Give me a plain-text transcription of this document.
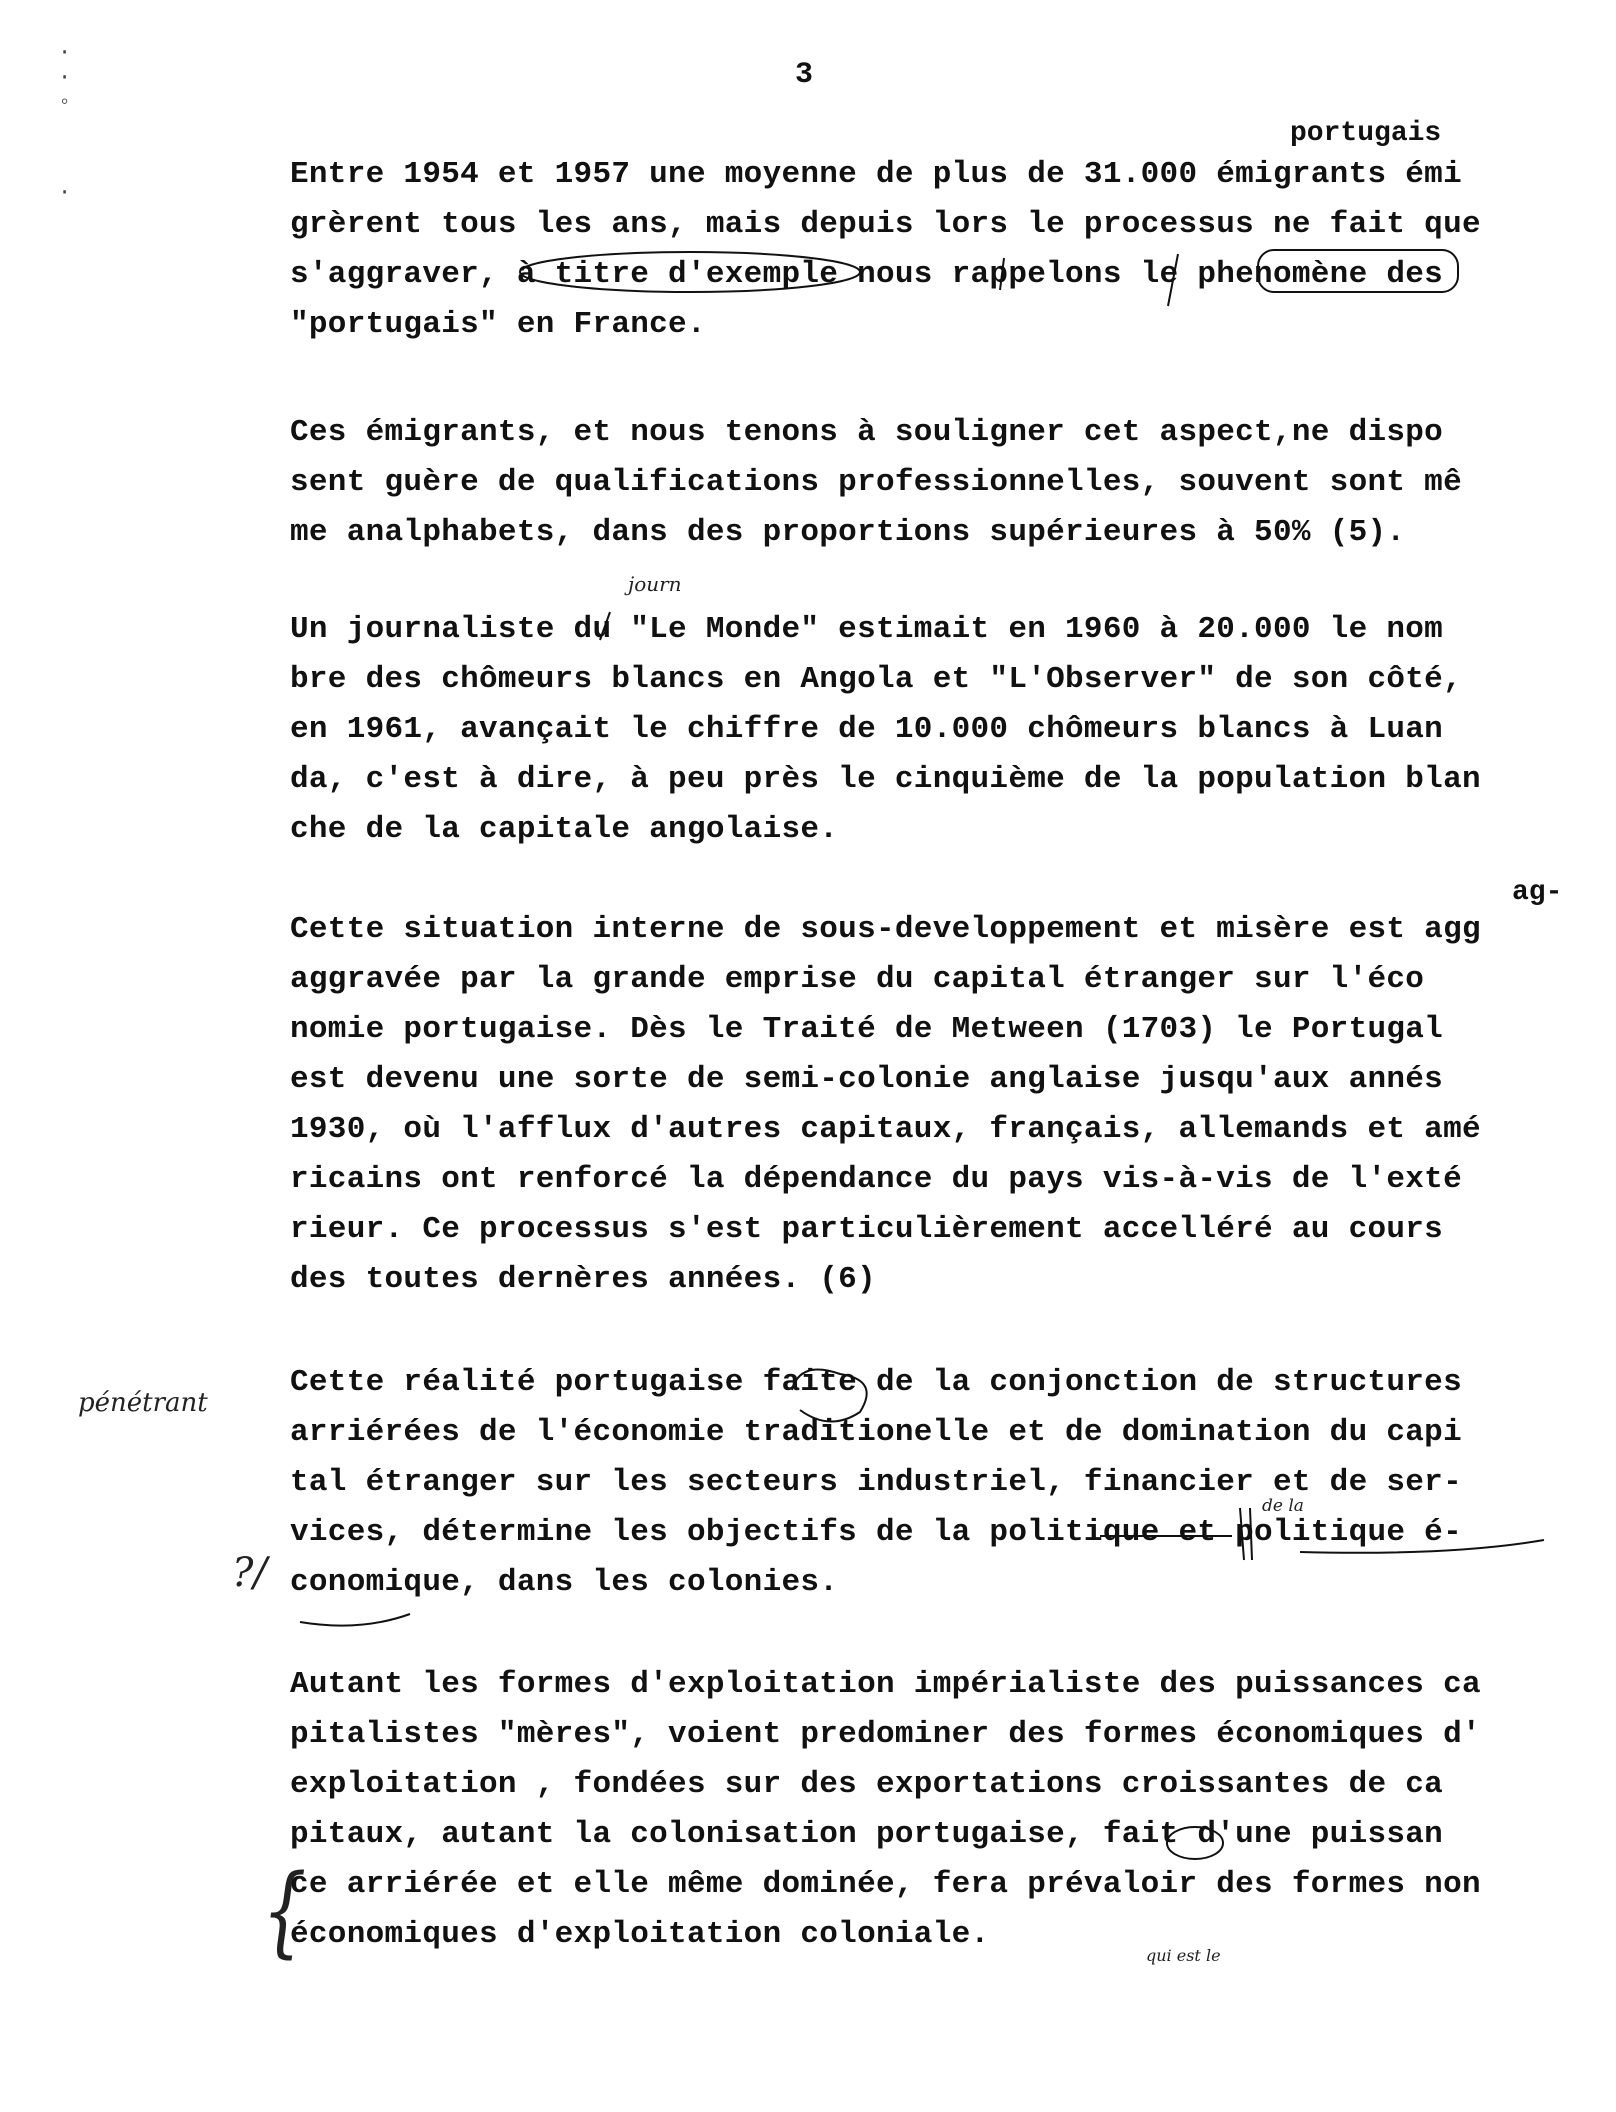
·
·
◦
·
3
portugais
journ
ag-
qui est le
de la
pénétrant
?/
{
Entre 1954 et 1957 une moyenne de plus de 31.000 émigrants émi
grèrent tous les ans, mais depuis lors le processus ne fait que
s'aggraver, à titre d'exemple nous rappelons le phenomène des
"portugais" en France.
Ces émigrants, et nous tenons à souligner cet aspect,ne dispo
sent guère de qualifications professionnelles, souvent sont mê
me analphabets, dans des proportions supérieures à 50% (5).
Un journaliste du "Le Monde" estimait en 1960 à 20.000 le nom
bre des chômeurs blancs en Angola et "L'Observer" de son côté,
en 1961, avançait le chiffre de 10.000 chômeurs blancs à Luan
da, c'est à dire, à peu près le cinquième de la population blan
che de la capitale angolaise.
Cette situation interne de sous-developpement et misère est agg
aggravée par la grande emprise du capital étranger sur l'éco
nomie portugaise. Dès le Traité de Metween (1703) le Portugal
est devenu une sorte de semi-colonie anglaise jusqu'aux annés
1930, où l'afflux d'autres capitaux, français, allemands et amé
ricains ont renforcé la dépendance du pays vis-à-vis de l'exté
rieur. Ce processus s'est particulièrement accelléré au cours
des toutes dernères années. (6)
Cette réalité portugaise faite de la conjonction de structures
arriérées de l'économie traditionelle et de domination du capi
tal étranger sur les secteurs industriel, financier et de ser-
vices, détermine les objectifs de la politique et politique é-
conomique, dans les colonies.
Autant les formes d'exploitation impérialiste des puissances ca
pitalistes "mères", voient predominer des formes économiques d'
exploitation , fondées sur des exportations croissantes de ca
pitaux, autant la colonisation portugaise, fait d'une puissan
ce arriérée et elle même dominée, fera prévaloir des formes non
économiques d'exploitation coloniale.
